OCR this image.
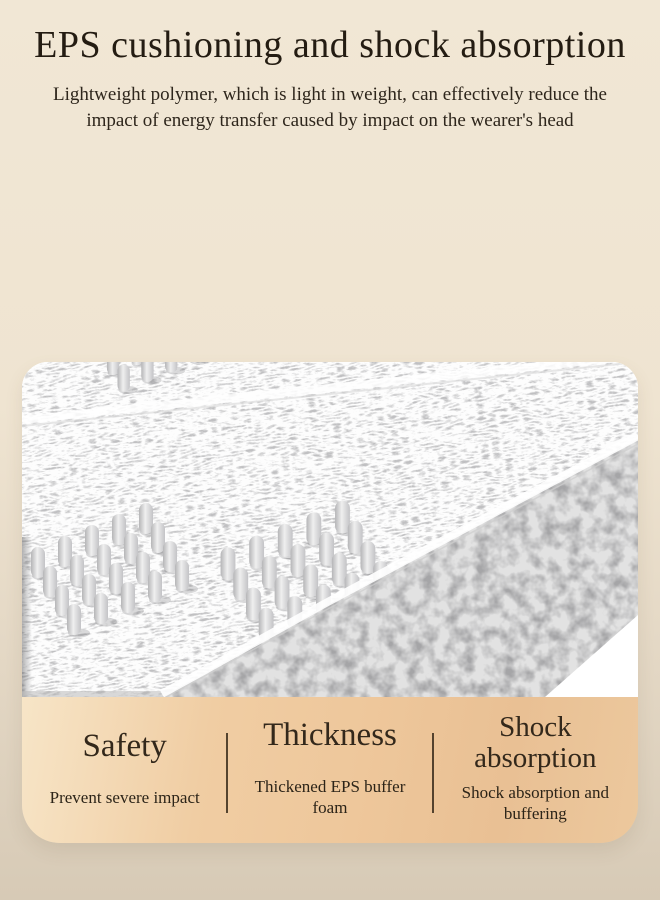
EPS cushioning and shock absorption
Lightweight polymer, which is light in weight, can effectively reduce the
impact of energy transfer caused by impact on the wearer's head
Safety
Prevent severe impact
Thickness
Thickened EPS buffer foam
Shock absorption
Shock absorption and buffering
